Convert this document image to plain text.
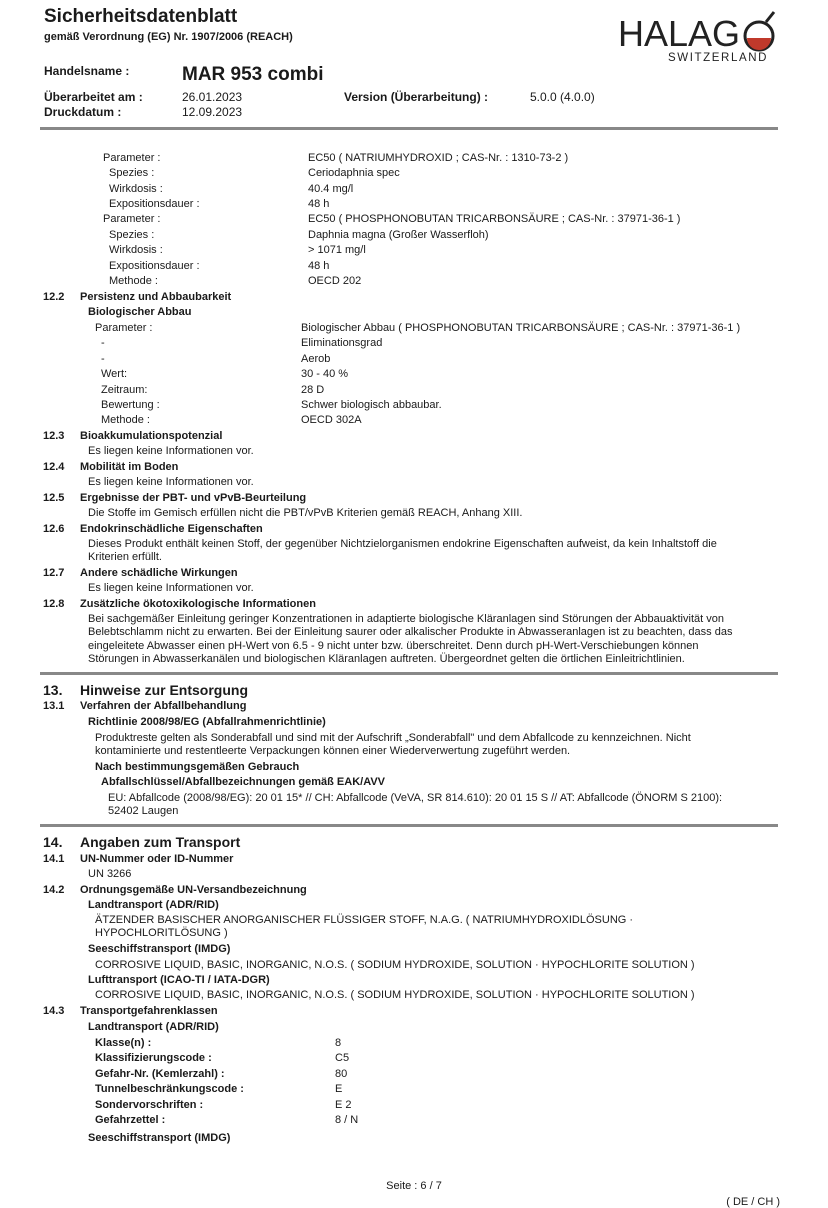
Sicherheitsdatenblatt
gemäß Verordnung (EG) Nr. 1907/2006 (REACH)	HALAG
SWITZERLAND
Handelsname :	MAR 953 combi
Überarbeitet am :	26.01.2023	Version (Überarbeitung) :	5.0.0 (4.0.0)
Druckdatum :	12.09.2023
Parameter :	EC50 ( NATRIUMHYDROXID ; CAS-Nr. : 1310-73-2 )
Spezies :	Ceriodaphnia spec
Wirkdosis :	40.4 mg/l
Expositionsdauer :	48 h
Parameter :	EC50 ( PHOSPHONOBUTAN TRICARBONSÄURE ; CAS-Nr. : 37971-36-1 )
Spezies :	Daphnia magna (Großer Wasserfloh)
Wirkdosis :	> 1071 mg/l
Expositionsdauer :	48 h
Methode :	OECD 202
12.2 Persistenz und Abbaubarkeit
Biologischer Abbau
Parameter :	Biologischer Abbau ( PHOSPHONOBUTAN TRICARBONSÄURE ; CAS-Nr. : 37971-36-1 )
-	Eliminationsgrad
-	Aerob
Wert:	30 - 40 %
Zeitraum:	28 D
Bewertung :	Schwer biologisch abbaubar.
Methode :	OECD 302A
12.3 Bioakkumulationspotenzial
Es liegen keine Informationen vor.
12.4 Mobilität im Boden
Es liegen keine Informationen vor.
12.5 Ergebnisse der PBT- und vPvB-Beurteilung
Die Stoffe im Gemisch erfüllen nicht die PBT/vPvB Kriterien gemäß REACH, Anhang XIII.
12.6 Endokrinschädliche Eigenschaften
Dieses Produkt enthält keinen Stoff, der gegenüber Nichtzielorganismen endokrine Eigenschaften aufweist, da kein Inhaltstoff die
Kriterien erfüllt.
12.7 Andere schädliche Wirkungen
Es liegen keine Informationen vor.
12.8 Zusätzliche ökotoxikologische Informationen
Bei sachgemäßer Einleitung geringer Konzentrationen in adaptierte biologische Kläranlagen sind Störungen der Abbauaktivität von
Belebtschlamm nicht zu erwarten. Bei der Einleitung saurer oder alkalischer Produkte in Abwasseranlagen ist zu beachten, dass das
eingeleitete Abwasser einen pH-Wert von 6.5 - 9 nicht unter bzw. überschreitet. Denn durch pH-Wert-Verschiebungen können
Störungen in Abwasserkanälen und biologischen Kläranlagen auftreten. Übergeordnet gelten die örtlichen Einleitrichtlinien.
13. Hinweise zur Entsorgung
13.1 Verfahren der Abfallbehandlung
Richtlinie 2008/98/EG (Abfallrahmenrichtlinie)
Produktreste gelten als Sonderabfall und sind mit der Aufschrift „Sonderabfall" und dem Abfallcode zu kennzeichnen. Nicht
kontaminierte und restentleerte Verpackungen können einer Wiederverwertung zugeführt werden.
Nach bestimmungsgemäßen Gebrauch
Abfallschlüssel/Abfallbezeichnungen gemäß EAK/AVV
EU: Abfallcode (2008/98/EG): 20 01 15* // CH: Abfallcode (VeVA, SR 814.610): 20 01 15 S // AT: Abfallcode (ÖNORM S 2100):
52402 Laugen
14. Angaben zum Transport
14.1 UN-Nummer oder ID-Nummer
UN 3266
14.2 Ordnungsgemäße UN-Versandbezeichnung
Landtransport (ADR/RID)
ÄTZENDER BASISCHER ANORGANISCHER FLÜSSIGER STOFF, N.A.G. ( NATRIUMHYDROXIDLÖSUNG ·
HYPOCHLORITLÖSUNG )
Seeschiffstransport (IMDG)
CORROSIVE LIQUID, BASIC, INORGANIC, N.O.S. ( SODIUM HYDROXIDE, SOLUTION · HYPOCHLORITE SOLUTION )
Lufttransport (ICAO-TI / IATA-DGR)
CORROSIVE LIQUID, BASIC, INORGANIC, N.O.S. ( SODIUM HYDROXIDE, SOLUTION · HYPOCHLORITE SOLUTION )
14.3 Transportgefahrenklassen
Landtransport (ADR/RID)
Klasse(n) :	8
Klassifizierungscode :	C5
Gefahr-Nr. (Kemlerzahl) :	80
Tunnelbeschränkungscode :	E
Sondervorschriften :	E 2
Gefahrzettel :	8 / N
Seeschiffstransport (IMDG)
Seite : 6 / 7
( DE / CH )
